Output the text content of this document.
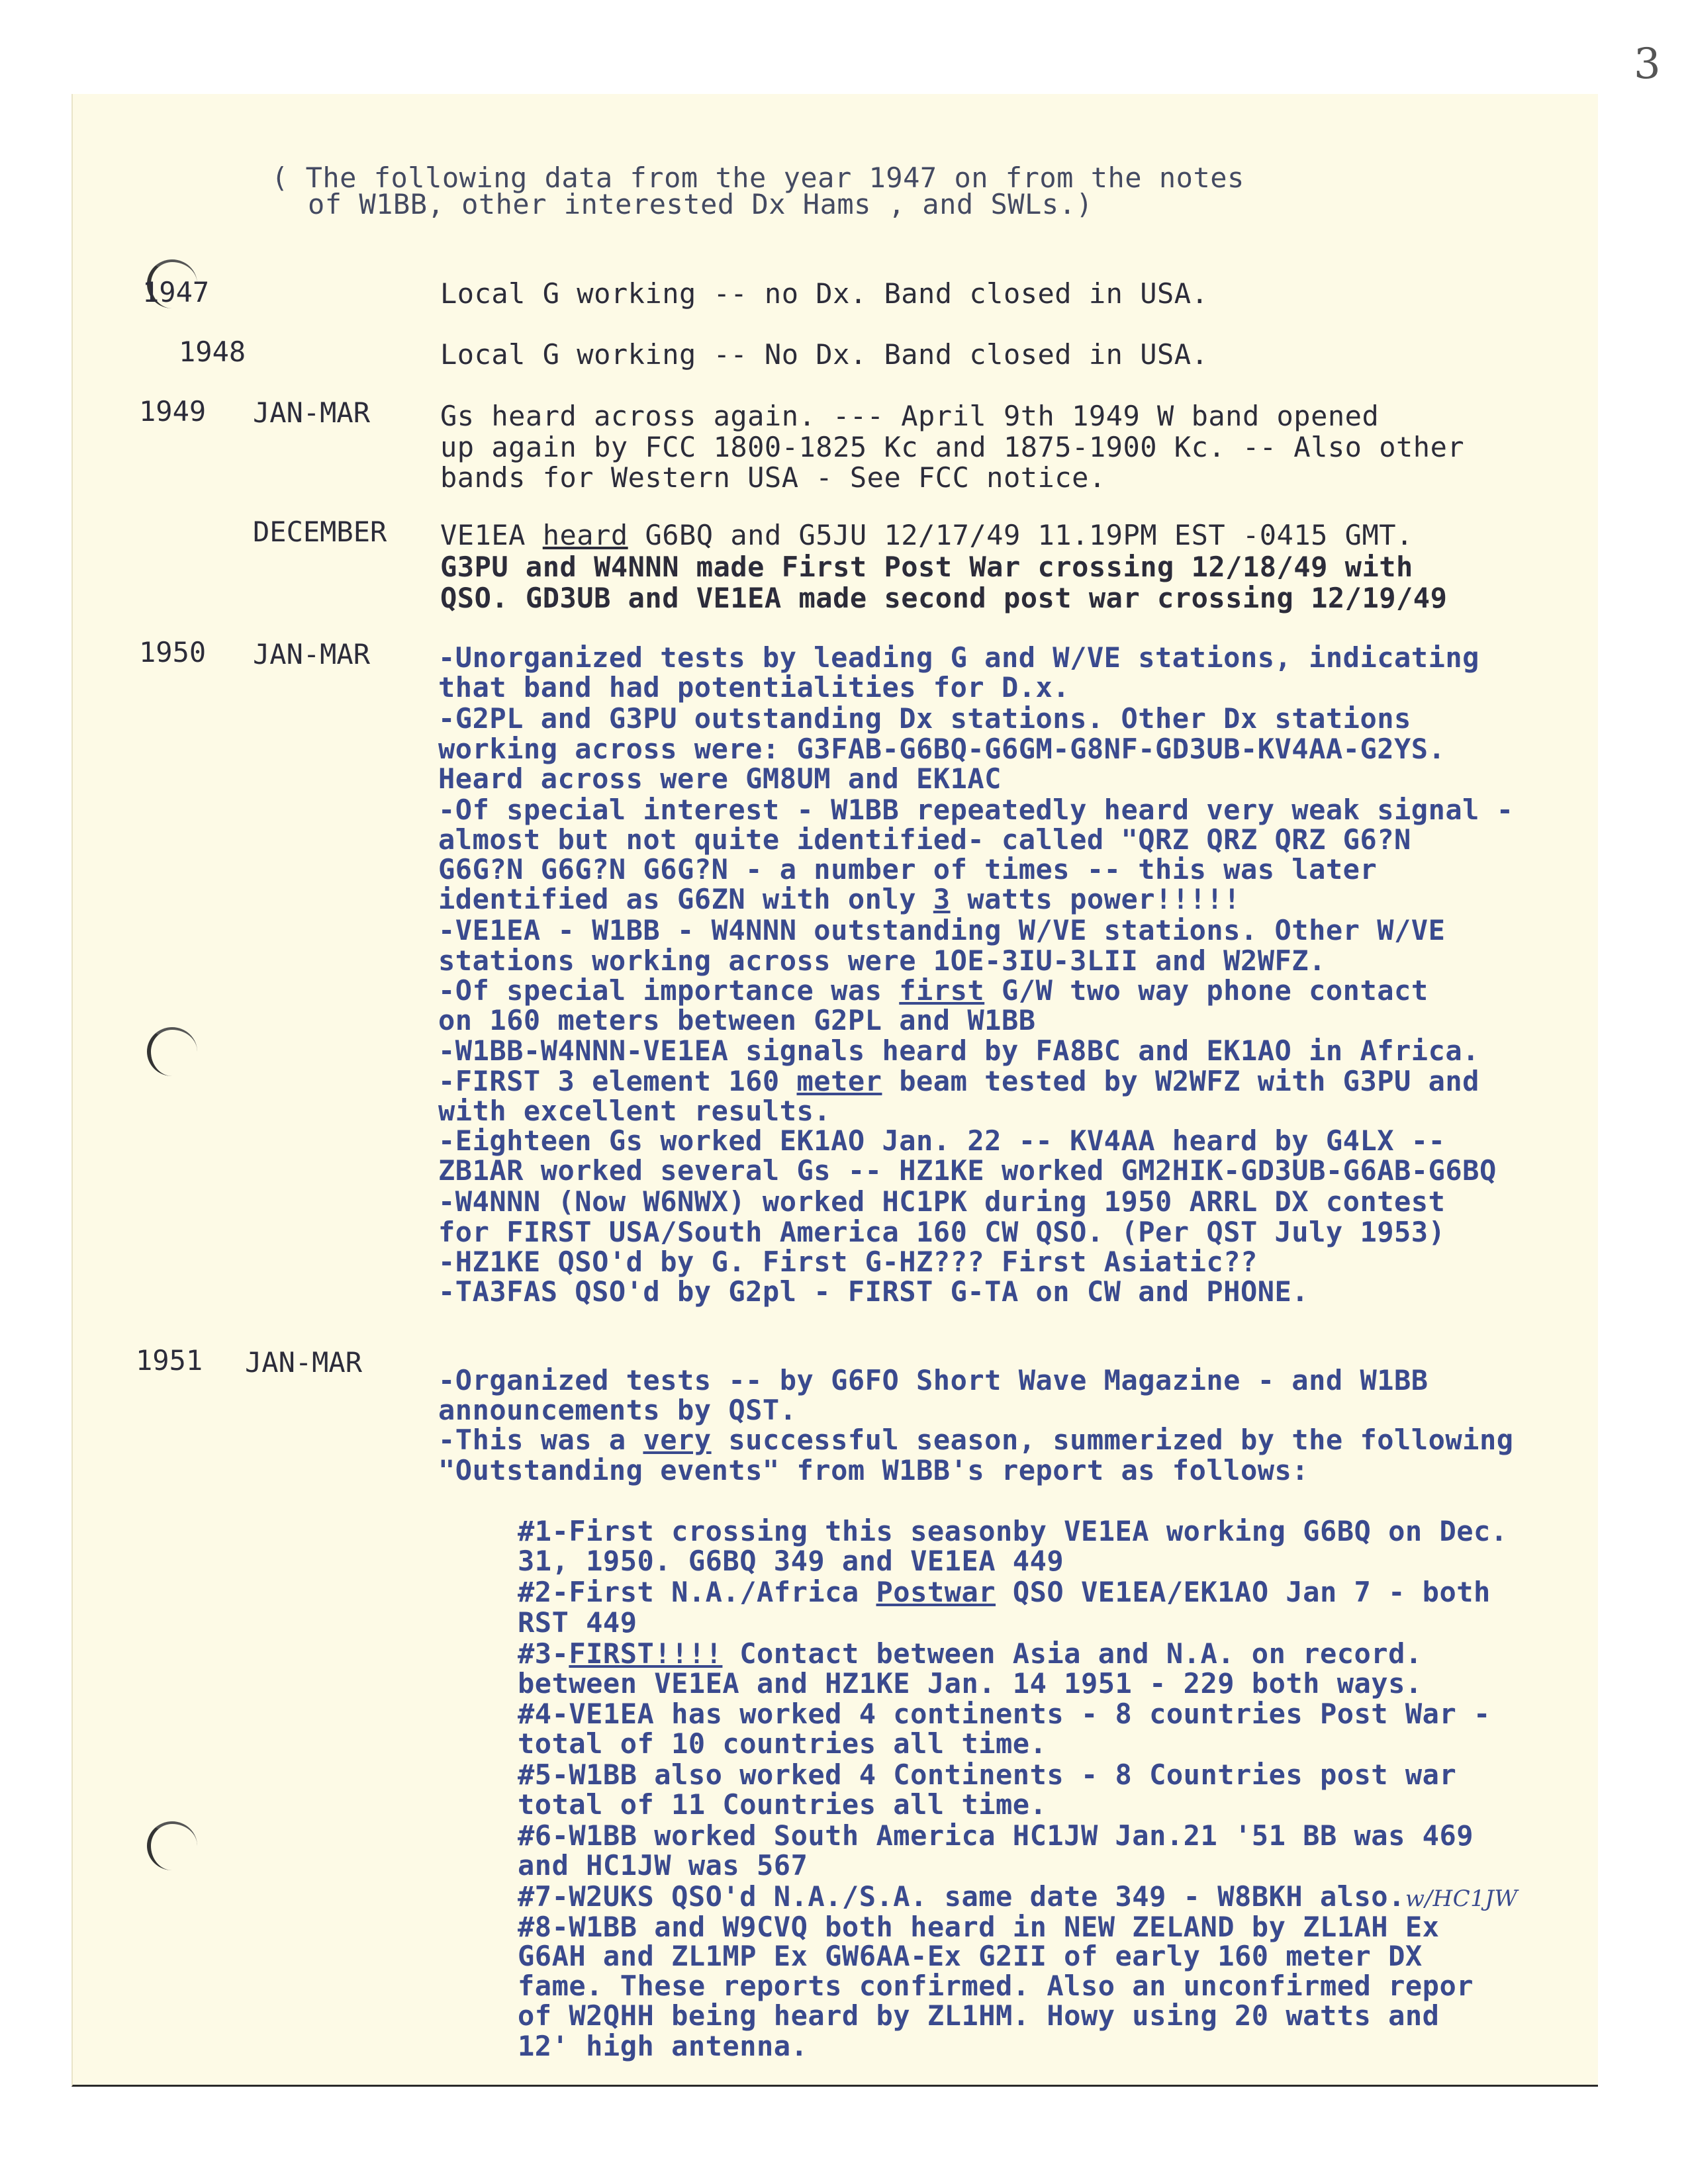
3
( The following data from the year 1947 on from the notes
of W1BB, other interested Dx Hams , and SWLs.)
1947	Local G working -- no Dx. Band closed in USA.
1948	Local G working -- No Dx. Band closed in USA.
1949 JAN-MAR	Gs heard across again. --- April 9th 1949 W band opened
up again by FCC 1800-1825 Kc and 1875-1900 Kc. -- Also other
bands for Western USA - See FCC notice.
DECEMBER VE1EA heard G6BQ and G5JU 12/17/49 11.19PM EST -0415 GMT.
G3PU and W4NNN made First Post War crossing 12/18/49 with
QSO. GD3UB and VE1EA made second post war crossing 12/19/49
1950 JAN-MAR -Unorganized tests by leading G and W/VE stations, indicating
that band had potentialities for D.x.
-G2PL and G3PU outstanding Dx stations. Other Dx stations
working across were: G3FAB-G6BQ-G6GM-G8NF-GD3UB-KV4AA-G2YS.
Heard across were GM8UM and EK1AC
-Of special interest - W1BB repeatedly heard very weak signal -
almost but not quite identified- called "QRZ QRZ QRZ G6?N
G6G?N G6G?N G6G?N - a number of times -- this was later
identified as G6ZN with only 3 watts power!!!!!
-VE1EA - W1BB - W4NNN outstanding W/VE stations. Other W/VE
stations working across were 1OE-3IU-3LII and W2WFZ.
-Of special importance was first G/W two way phone contact
on 160 meters between G2PL and W1BB
-W1BB-W4NNN-VE1EA signals heard by FA8BC and EK1AO in Africa.
-FIRST 3 element 160 meter beam tested by W2WFZ with G3PU and
with excellent results.
-Eighteen Gs worked EK1AO Jan. 22 -- KV4AA heard by G4LX --
ZB1AR worked several Gs -- HZ1KE worked GM2HIK-GD3UB-G6AB-G6BQ
-W4NNN (Now W6NWX) worked HC1PK during 1950 ARRL DX contest
for FIRST USA/South America 160 CW QSO. (Per QST July 1953)
-HZ1KE QSO'd by G. First G-HZ??? First Asiatic??
-TA3FAS QSO'd by G2pl - FIRST G-TA on CW and PHONE.
1951 JAN-MAR
-Organized tests -- by G6FO Short Wave Magazine - and W1BB
announcements by QST.
-This was a very successful season, summerized by the following
"Outstanding events" from W1BB's report as follows:
#1-First crossing this seasonby VE1EA working G6BQ on Dec.
31, 1950. G6BQ 349 and VE1EA 449
#2-First N.A./Africa Postwar QSO VE1EA/EK1AO Jan 7 - both
RST 449
#3-FIRST!!!! Contact between Asia and N.A. on record.
between VE1EA and HZ1KE Jan. 14 1951 - 229 both ways.
#4-VE1EA has worked 4 continents - 8 countries Post War -
total of 10 countries all time.
#5-W1BB also worked 4 Continents - 8 Countries post war
total of 11 Countries all time.
#6-W1BB worked South America HC1JW Jan.21 '51 BB was 469
and HC1JW was 567
#7-W2UKS QSO'd N.A./S.A. same date 349 - W8BKH also.w/HC1JW
#8-W1BB and W9CVQ both heard in NEW ZELAND by ZL1AH Ex
G6AH and ZL1MP Ex GW6AA-Ex G2II of early 160 meter DX
fame. These reports confirmed. Also an unconfirmed repor
of W2QHH being heard by ZL1HM. Howy using 20 watts and
12' high antenna.
